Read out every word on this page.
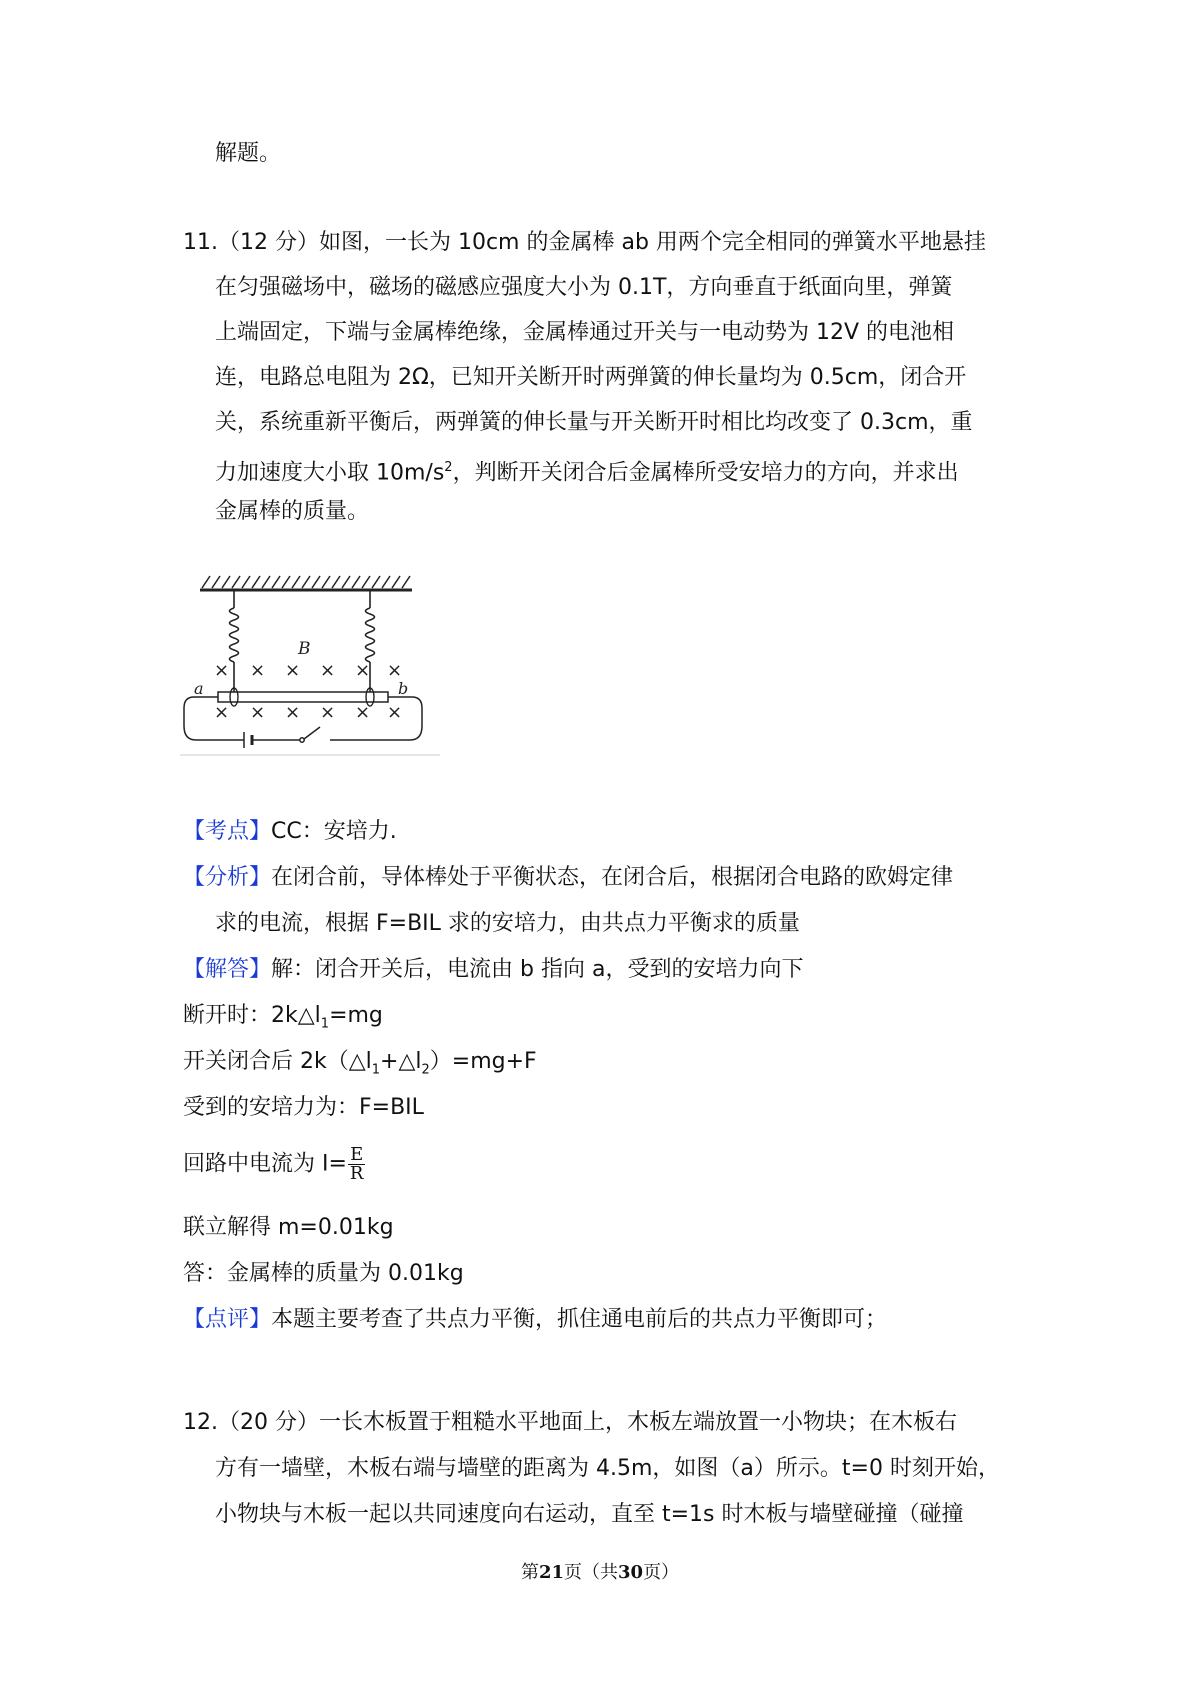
解题。
11.（12 分）如图，一长为 10cm 的金属棒 ab 用两个完全相同的弹簧水平地悬挂
在匀强磁场中，磁场的磁感应强度大小为 0.1T，方向垂直于纸面向里，弹簧
上端固定，下端与金属棒绝缘，金属棒通过开关与一电动势为 12V 的电池相
连，电路总电阻为 2Ω，已知开关断开时两弹簧的伸长量均为 0.5cm，闭合开
关，系统重新平衡后，两弹簧的伸长量与开关断开时相比均改变了 0.3cm，重
力加速度大小取 $10m/s^2$，判断开关闭合后金属棒所受安培力的方向，并求出
金属棒的质量。
B
× × × × × ×
× × × × × ×
a	b
【考点】CC：安培力.
【分析】在闭合前，导体棒处于平衡状态，在闭合后，根据闭合电路的欧姆定律
求的电流，根据 F=BIL 求的安培力，由共点力平衡求的质量
【解答】解：闭合开关后，电流由 b 指向 a，受到的安培力向下
断开时：$2k\triangle l_1=mg$
开关闭合后 $2k(\triangle l_1+\triangle l_2)=mg+F$
受到的安培力为：F=BIL
回路中电流为 $I= \frac{E}{R}$
联立解得 m=0.01kg
答：金属棒的质量为 0.01kg
【点评】本题主要考查了共点力平衡，抓住通电前后的共点力平衡即可；
12.（20 分）一长木板置于粗糙水平地面上，木板左端放置一小物块；在木板右
方有一墙壁，木板右端与墙壁的距离为 4.5m，如图（a）所示。t=0 时刻开始，
小物块与木板一起以共同速度向右运动，直至 t=1s 时木板与墙壁碰撞（碰撞
第21页（共30页）
